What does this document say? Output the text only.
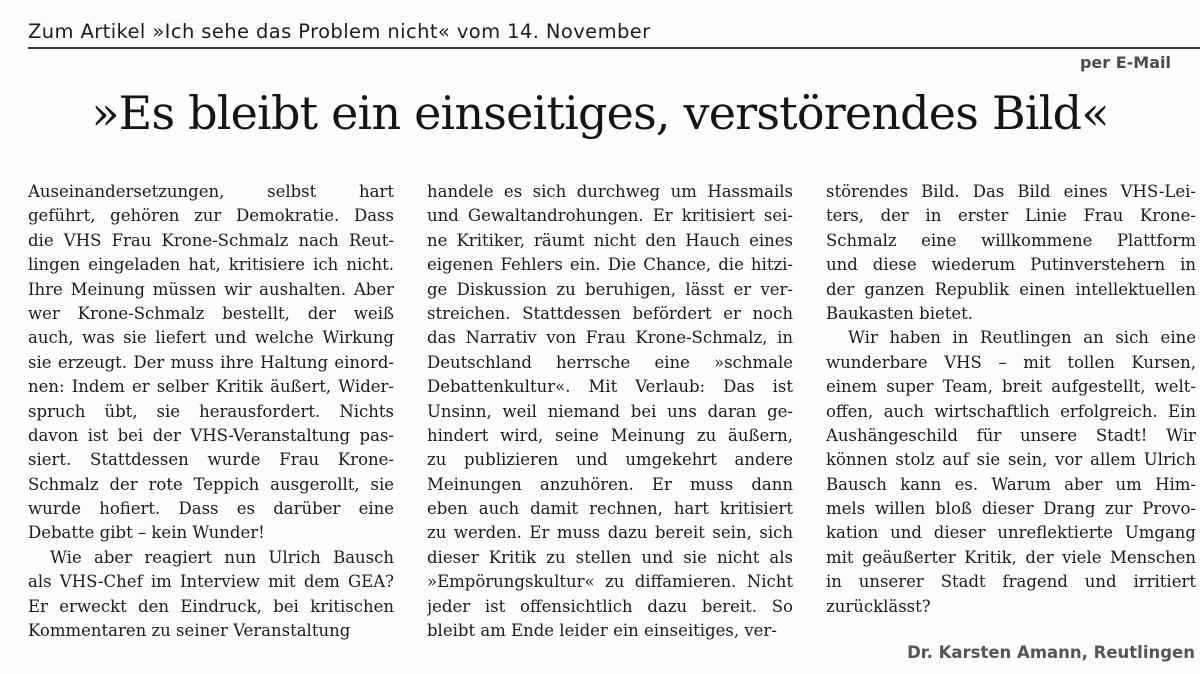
Zum Artikel »Ich sehe das Problem nicht« vom 14. November
per E-Mail
»Es bleibt ein einseitiges, verstörendes Bild«
Auseinandersetzungen, selbst hart
geführt, gehören zur Demokratie. Dass
die VHS Frau Krone-Schmalz nach Reut-
lingen eingeladen hat, kritisiere ich nicht.
Ihre Meinung müssen wir aushalten. Aber
wer Krone-Schmalz bestellt, der weiß
auch, was sie liefert und welche Wirkung
sie erzeugt. Der muss ihre Haltung einord-
nen: Indem er selber Kritik äußert, Wider-
spruch übt, sie herausfordert. Nichts
davon ist bei der VHS-Veranstaltung pas-
siert. Stattdessen wurde Frau Krone-
Schmalz der rote Teppich ausgerollt, sie
wurde hofiert. Dass es darüber eine
Debatte gibt – kein Wunder!
Wie aber reagiert nun Ulrich Bausch
als VHS-Chef im Interview mit dem GEA?
Er erweckt den Eindruck, bei kritischen
Kommentaren zu seiner Veranstaltung
handele es sich durchweg um Hassmails
und Gewaltandrohungen. Er kritisiert sei-
ne Kritiker, räumt nicht den Hauch eines
eigenen Fehlers ein. Die Chance, die hitzi-
ge Diskussion zu beruhigen, lässt er ver-
streichen. Stattdessen befördert er noch
das Narrativ von Frau Krone-Schmalz, in
Deutschland herrsche eine »schmale
Debattenkultur«. Mit Verlaub: Das ist
Unsinn, weil niemand bei uns daran ge-
hindert wird, seine Meinung zu äußern,
zu publizieren und umgekehrt andere
Meinungen anzuhören. Er muss dann
eben auch damit rechnen, hart kritisiert
zu werden. Er muss dazu bereit sein, sich
dieser Kritik zu stellen und sie nicht als
»Empörungskultur« zu diffamieren. Nicht
jeder ist offensichtlich dazu bereit. So
bleibt am Ende leider ein einseitiges, ver-
störendes Bild. Das Bild eines VHS-Lei-
ters, der in erster Linie Frau Krone-
Schmalz eine willkommene Plattform
und diese wiederum Putinverstehern in
der ganzen Republik einen intellektuellen
Baukasten bietet.
Wir haben in Reutlingen an sich eine
wunderbare VHS – mit tollen Kursen,
einem super Team, breit aufgestellt, welt-
offen, auch wirtschaftlich erfolgreich. Ein
Aushängeschild für unsere Stadt! Wir
können stolz auf sie sein, vor allem Ulrich
Bausch kann es. Warum aber um Him-
mels willen bloß dieser Drang zur Provo-
kation und dieser unreflektierte Umgang
mit geäußerter Kritik, der viele Menschen
in unserer Stadt fragend und irritiert
zurücklässt?
Dr. Karsten Amann, Reutlingen
